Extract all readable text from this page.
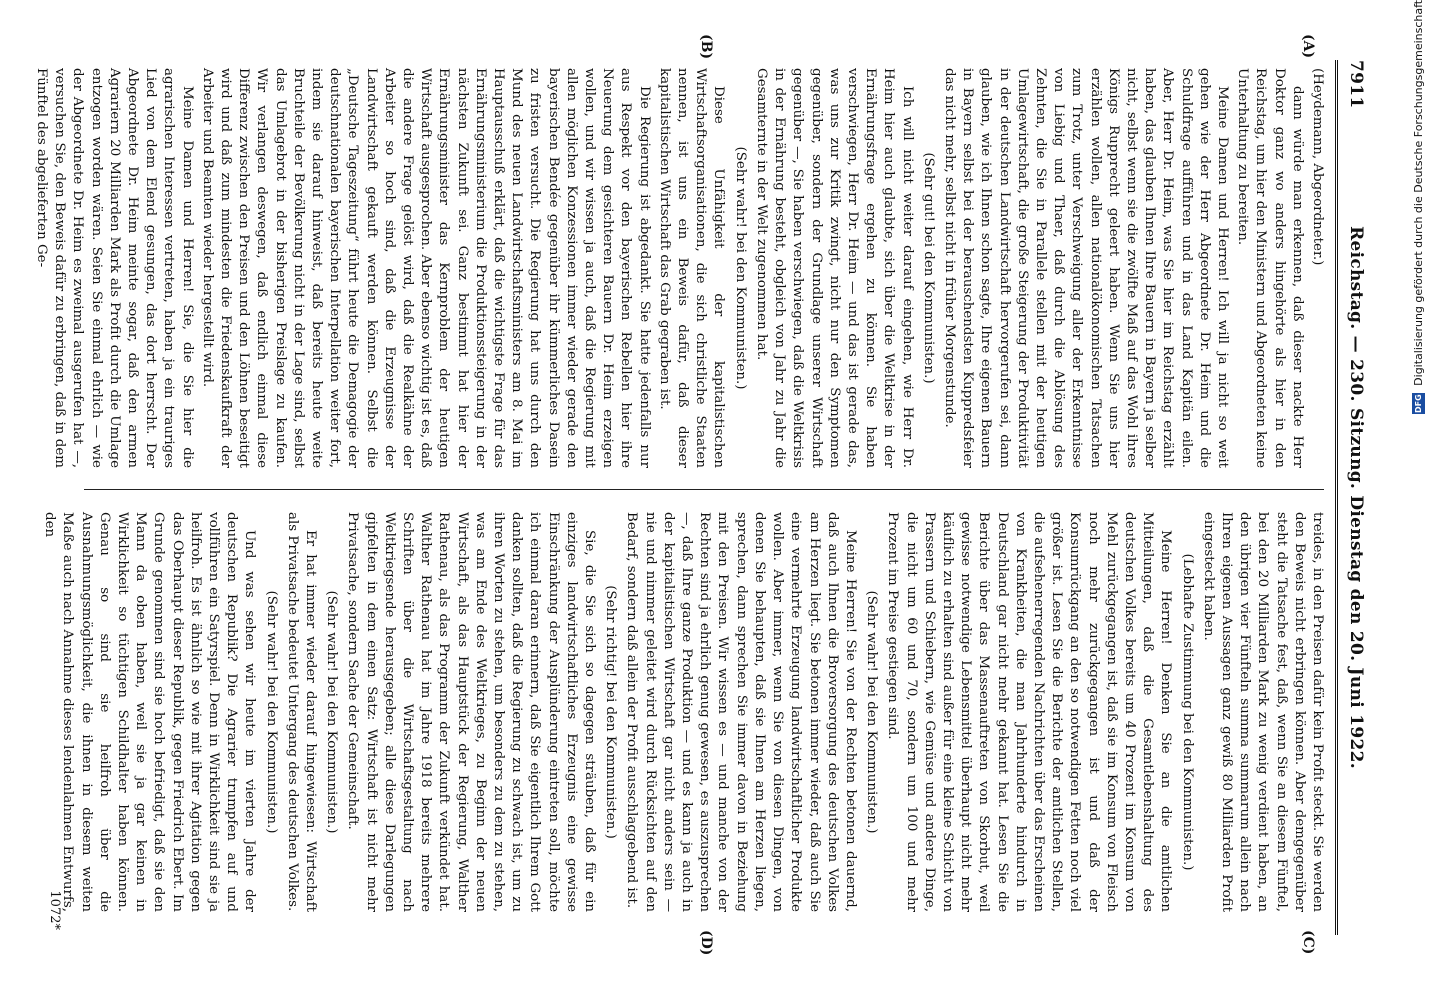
7911
Reichstag. — 230. Sitzung. Dienstag den 20. Juni 1922.
(A)
(B)
(C)
(D)

(Heydemann, Abgeordneter.)

dann würde man erkennen, daß dieser nackte Herr Doktor ganz wo anders hingehörte als hier in den Reichstag, um hier den Ministern und Abgeordneten keine Unterhaltung zu bereiten.

Meine Damen und Herren! Ich will ja nicht so weit gehen wie der Herr Abgeordnete Dr. Heim und die Schuldfrage aufführen und in das Land Kapitän eilen. Aber, Herr Dr. Heim, was Sie hier im Reichstag erzählt haben, das glauben Ihnen Ihre Bauern in Bayern ja selber nicht, selbst wenn sie die zwölfte Maß auf das Wohl ihres Königs Rupprecht geleert haben. Wenn Sie uns hier erzählen wollen, allen nationalökonomischen Tatsachen zum Trotz, unter Verschweigung aller der Erkenntnisse von Liebig und Thaer, daß durch die Ablösung des Zehnten, die Sie in Parallele stellen mit der heutigen Umlagewirtschaft, die große Steigerung der Produktivität in der deutschen Landwirtschaft hervorgerufen sei, dann glauben, wie ich Ihnen schon sagte, Ihre eigenen Bauern in Bayern selbst bei der berauschendsten Kuppredsfeier das nicht mehr, selbst nicht in früher Morgenstunde.

(Sehr gut! bei den Kommunisten.)

Ich will nicht weiter darauf eingehen, wie Herr Dr. Heim hier auch glaubte, sich über die Weltkrise in der Ernährungsfrage ergehen zu können. Sie haben verschwiegen, Herr Dr. Heim — und das ist gerade das, was uns zur Kritik zwingt, nicht nur den Symptomen gegenüber, sondern der Grundlage unserer Wirtschaft gegenüber —, Sie haben verschwiegen, daß die Weltkrisis in der Ernährung besteht, obgleich von Jahr zu Jahr die Gesamternte in der Welt zugenommen hat.

(Sehr wahr! bei den Kommunisten.)

Diese Unfähigkeit der kapitalistischen Wirtschaftsorganisationen, die sich christliche Staaten nennen, ist uns ein Beweis dafür, daß dieser kapitalistischen Wirtschaft das Grab gegraben ist.

Die Regierung ist abgedankt. Sie hatte jedenfalls nur aus Respekt vor den bayerischen Rebellen hier ihre Neuerung dem gesichteren Bauern Dr. Heim erzeigen wollen, und wir wissen ja auch, daß die Regierung mit allen möglichen Konzessionen immer wieder gerade den bayerischen Bendée gegenüber ihr kümmerliches Dasein zu fristen versucht. Die Regierung hat uns durch den Mund des neuen Landwirtschaftsministers am 8. Mai im Hauptausschuß erklärt, daß die wichtigste Frage für das Ernährungsministerium die Produktionssteigerung in der nächsten Zukunft sei. Ganz bestimmt hat hier der Ernährungsminister das Kernproblem der heutigen Wirtschaft ausgesprochen. Aber ebenso wichtig ist es, daß die andere Frage gelöst wird, daß die Realkähne der Arbeiter so hoch sind, daß die Erzeugnisse der Landwirtschaft gekauft werden können. Selbst die „Deutsche Tageszeitung“ führt heute die Demagogie der deutschnationalen bayerischen Interpellation weiter fort, indem sie darauf hinweist, daß bereits heute weite Bruchteile der Bevölkerung nicht in der Lage sind, selbst das Umlagebrot in der bisherigen Preislage zu kaufen. Wir verlangen deswegen, daß endlich einmal diese Differenz zwischen den Preisen und den Löhnen beseitigt wird und daß zum mindesten die Friedenskaufkraft der Arbeiter und Beamten wieder hergestellt wird.

Meine Damen und Herren! Sie, die Sie hier die agrarischen Interessen vertreten, haben ja ein trauriges Lied von dem Elend gesungen, das dort herrscht. Der Abgeordnete Dr. Heim meinte sogar, daß den armen Agrariern 20 Milliarden Mark als Profit durch die Umlage entzogen worden wären. Seien Sie einmal ehrlich — wie der Abgeordnete Dr. Heim es zweimal ausgerufen hat —, versuchen Sie, den Beweis dafür zu erbringen, daß in dem Fünftel des abgelieferten Ge-

treides, in den Preisen dafür kein Profit steckt. Sie werden den Beweis nicht erbringen können. Aber demgegenüber steht die Tatsache fest, daß, wenn Sie an diesem Fünftel, bei den 20 Milliarden Mark zu wenig verdient haben, an den übrigen vier Fünfteln summa summarum allein nach Ihren eigenen Aussagen ganz gewiß 80 Milliarden Profit eingesteckt haben.

(Lebhafte Zustimmung bei den Kommunisten.)

Meine Herren! Denken Sie an die amtlichen Mitteilungen, daß die Gesamtlebenshaltung des deutschen Volkes bereits um 40 Prozent im Konsum von Mehl zurückgegangen ist, daß sie im Konsum von Fleisch noch mehr zurückgegangen ist und daß der Konsumrückgang an den so notwendigen Fetten noch viel größer ist. Lesen Sie die Berichte der amtlichen Stellen, die aufsehenerregenden Nachrichten über das Erscheinen von Krankheiten, die man Jahrhunderte hindurch in Deutschland gar nicht mehr gekannt hat. Lesen Sie die Berichte über das Massenauftreten von Skorbut, weil gewisse notwendige Lebensmittel überhaupt nicht mehr käuflich zu erhalten sind außer für eine kleine Schicht von Prassern und Schiebern, wie Gemüse und andere Dinge, die nicht um 60 und 70, sondern um 100 und mehr Prozent im Preise gestiegen sind.

(Sehr wahr! bei den Kommunisten.)

Meine Herren! Sie von der Rechten betonen dauernd, daß auch Ihnen die Broversorgung des deutschen Volkes am Herzen liegt. Sie betonen immer wieder, daß auch Sie eine vermehrte Erzeugung landwirtschaftlicher Produkte wollen. Aber immer, wenn Sie von diesen Dingen, von denen Sie behaupten, daß sie Ihnen am Herzen liegen, sprechen, dann sprechen Sie immer davon in Beziehung mit den Preisen. Wir wissen es — und manche von der Rechten sind ja ehrlich genug gewesen, es auszusprechen —, daß Ihre ganze Produktion — und es kann ja auch in der kapitalistischen Wirtschaft gar nicht anders sein — nie und nimmer geleitet wird durch Rücksichten auf den Bedarf, sondern daß allein der Profit ausschlaggebend ist.

(Sehr richtig! bei den Kommunisten.)

Sie, die Sie sich so dagegen sträuben, daß für ein einziges landwirtschaftliches Erzeugnis eine gewisse Einschränkung der Ausplünderung eintreten soll, möchte ich einmal daran erinnern, daß Sie eigentlich Ihrem Gott danken sollten, daß die Regierung zu schwach ist, um zu ihren Worten zu stehen, um besonders zu dem zu stehen, was am Ende des Weltkrieges, zu Beginn der neuen Wirtschaft, als das Hauptstück der Regierung, Walther Rathenau, als das Programm der Zukunft verkündet hat. Walther Rathenau hat im Jahre 1918 bereits mehrere Schriften über die Wirtschaftsgestaltung nach Weltkriegsende herausgegeben; alle diese Darlegungen gipfelten in dem einen Satz: Wirtschaft ist nicht mehr Privatsache, sondern Sache der Gemeinschaft.

(Sehr wahr! bei den Kommunisten.)

Er hat immer wieder darauf hingewiesen: Wirtschaft als Privatsache bedeutet Untergang des deutschen Volkes.

(Sehr wahr! bei den Kommunisten.)

Und was sehen wir heute im vierten Jahre der deutschen Republik? Die Agrarier trumpfen auf und vollführen ein Satyrspiel. Denn in Wirklichkeit sind sie ja heilfroh. Es ist ähnlich so wie mit ihrer Agitation gegen das Oberhaupt dieser Republik, gegen Friedrich Ebert. Im Grunde genommen sind sie hoch befriedigt, daß sie den Mann da oben haben, weil sie ja gar keinen in Wirklichkeit so tüchtigen Schildhalter haben können. Genau so sind sie heilfroh über die Ausnahmungsmöglichkeit, die ihnen in diesem weiten Maße auch nach Annahme dieses lendenlahmen Entwurfs, den

1072*
DFG Digitalisierung gefördert durch die Deutsche Forschungsgemeinschaft
